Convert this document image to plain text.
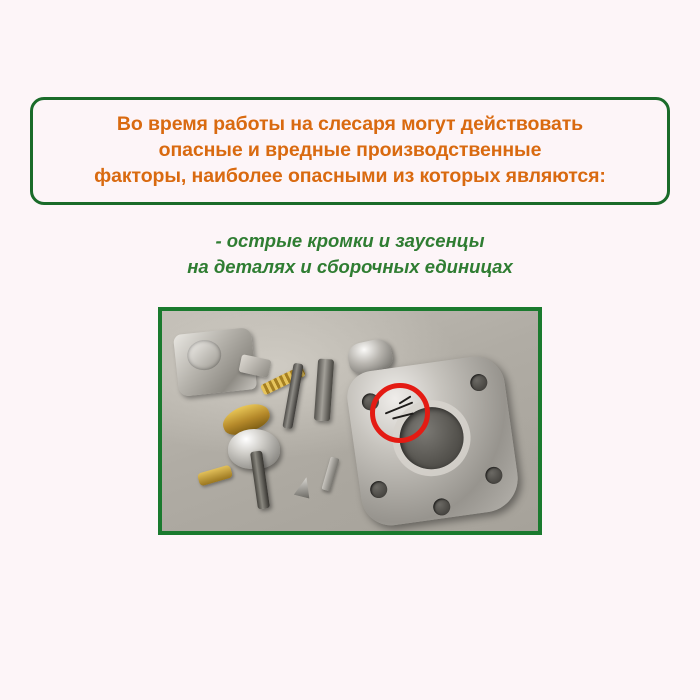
Во время работы на слесаря могут действовать
опасные и вредные производственные
факторы, наиболее опасными из которых являются:
- острые кромки и заусенцы
на деталях и сборочных единицах
